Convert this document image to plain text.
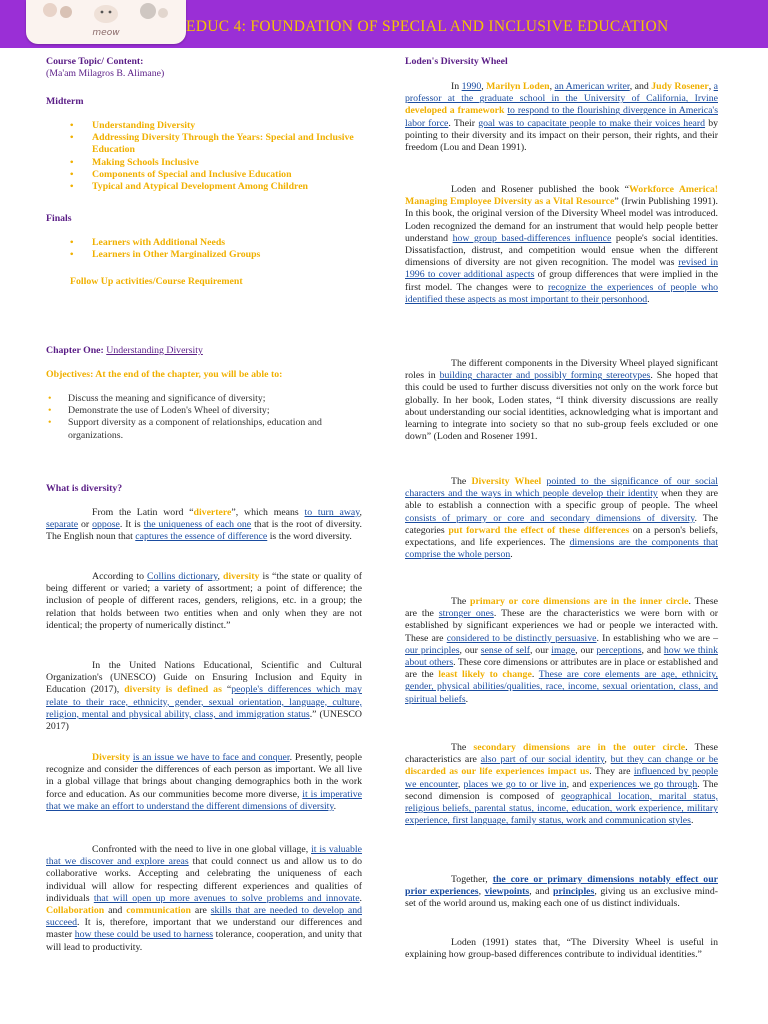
meow	EDUC 4: FOUNDATION OF SPECIAL AND INCLUSIVE EDUCATION
Course Topic/ Content:
(Ma'am Milagros B. Alimane)
Midterm
• Understanding Diversity
• Addressing Diversity Through the Years: Special and Inclusive Education
• Making Schools Inclusive
• Components of Special and Inclusive Education
• Typical and Atypical Development Among Children
Finals
• Learners with Additional Needs
• Learners in Other Marginalized Groups
Follow Up activities/Course Requirement
Chapter One: Understanding Diversity
Objectives: At the end of the chapter, you will be able to:
• Discuss the meaning and significance of diversity;
• Demonstrate the use of Loden's Wheel of diversity;
• Support diversity as a component of relationships, education and organizations.
What is diversity?

From the Latin word “divertere”, which means to turn away, separate or oppose. It is the uniqueness of each one that is the root of diversity. The English noun that captures the essence of difference is the word diversity.

According to Collins dictionary, diversity is “the state or quality of being different or varied; a variety of assortment; a point of difference; the inclusion of people of different races, genders, religions, etc. in a group; the relation that holds between two entities when and only when they are not identical; the property of numerically distinct.”

In the United Nations Educational, Scientific and Cultural Organization's (UNESCO) Guide on Ensuring Inclusion and Equity in Education (2017), diversity is defined as “people's differences which may relate to their race, ethnicity, gender, sexual orientation, language, culture, religion, mental and physical ability, class, and immigration status.” (UNESCO 2017)

Diversity is an issue we have to face and conquer. Presently, people recognize and consider the differences of each person as important. We all live in a global village that brings about changing demographics both in the work force and education. As our communities become more diverse, it is imperative that we make an effort to understand the different dimensions of diversity.

Confronted with the need to live in one global village, it is valuable that we discover and explore areas that could connect us and allow us to do collaborative works. Accepting and celebrating the uniqueness of each individual will allow for respecting different experiences and qualities of individuals that will open up more avenues to solve problems and innovate. Collaboration and communication are skills that are needed to develop and succeed. It is, therefore, important that we understand our differences and master how these could be used to harness tolerance, cooperation, and unity that will lead to productivity.

Loden's Diversity Wheel

In 1990, Marilyn Loden, an American writer, and Judy Rosener, a professor at the graduate school in the University of California, Irvine developed a framework to respond to the flourishing divergence in America's labor force. Their goal was to capacitate people to make their voices heard by pointing to their diversity and its impact on their person, their rights, and their freedom (Lou and Dean 1991).

Loden and Rosener published the book “Workforce America! Managing Employee Diversity as a Vital Resource” (Irwin Publishing 1991). In this book, the original version of the Diversity Wheel model was introduced. Loden recognized the demand for an instrument that would help people better understand how group based-differences influence people's social identities. Dissatisfaction, distrust, and competition would ensue when the different dimensions of diversity are not given recognition. The model was revised in 1996 to cover additional aspects of group differences that were implied in the first model. The changes were to recognize the experiences of people who identified these aspects as most important to their personhood.

The different components in the Diversity Wheel played significant roles in building character and possibly forming stereotypes. She hoped that this could be used to further discuss diversities not only on the work force but globally. In her book, Loden states, “I think diversity discussions are really about understanding our social identities, acknowledging what is important and learning to integrate into society so that no sub-group feels excluded or one down” (Loden and Rosener 1991.

The Diversity Wheel pointed to the significance of our social characters and the ways in which people develop their identity when they are able to establish a connection with a specific group of people. The wheel consists of primary or core and secondary dimensions of diversity. The categories put forward the effect of these differences on a person's beliefs, expectations, and life experiences. The dimensions are the components that comprise the whole person.

The primary or core dimensions are in the inner circle. These are the stronger ones. These are the characteristics we were born with or established by significant experiences we had or people we interacted with. These are considered to be distinctly persuasive. In establishing who we are – our principles, our sense of self, our image, our perceptions, and how we think about others. These core dimensions or attributes are in place or established and are the least likely to change. These are core elements are age, ethnicity, gender, physical abilities/qualities, race, income, sexual orientation, class, and spiritual beliefs.

The secondary dimensions are in the outer circle. These characteristics are also part of our social identity, but they can change or be discarded as our life experiences impact us. They are influenced by people we encounter, places we go to or live in, and experiences we go through. The second dimension is composed of geographical location, marital status, religious beliefs, parental status, income, education, work experience, military experience, first language, family status, work and communication styles.

Together, the core or primary dimensions notably effect our prior experiences, viewpoints, and principles, giving us an exclusive mind-set of the world around us, making each one of us distinct individuals.

Loden (1991) states that, “The Diversity Wheel is useful in explaining how group-based differences contribute to individual identities.”
